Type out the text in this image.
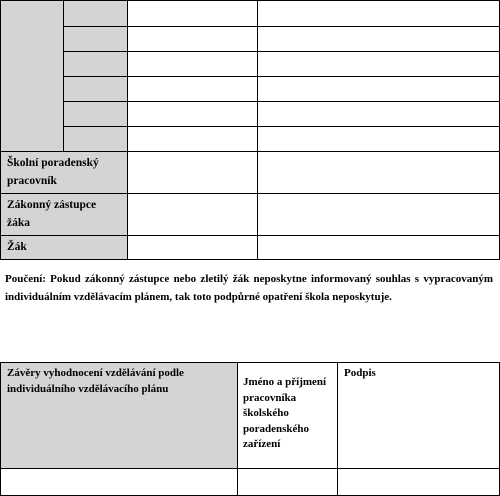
Školní poradenský pracovník
Zákonný zástupce žáka
Žák
Poučení: Pokud zákonný zástupce nebo zletilý žák neposkytne informovaný souhlas s vypracovaným individuálním vzdělávacím plánem, tak toto podpůrné opatření škola neposkytuje.
Závěry vyhodnocení vzdělávání podle individuálního vzdělávacího plánu
Jméno a příjmení pracovníka školského poradenského zařízení
Podpis
